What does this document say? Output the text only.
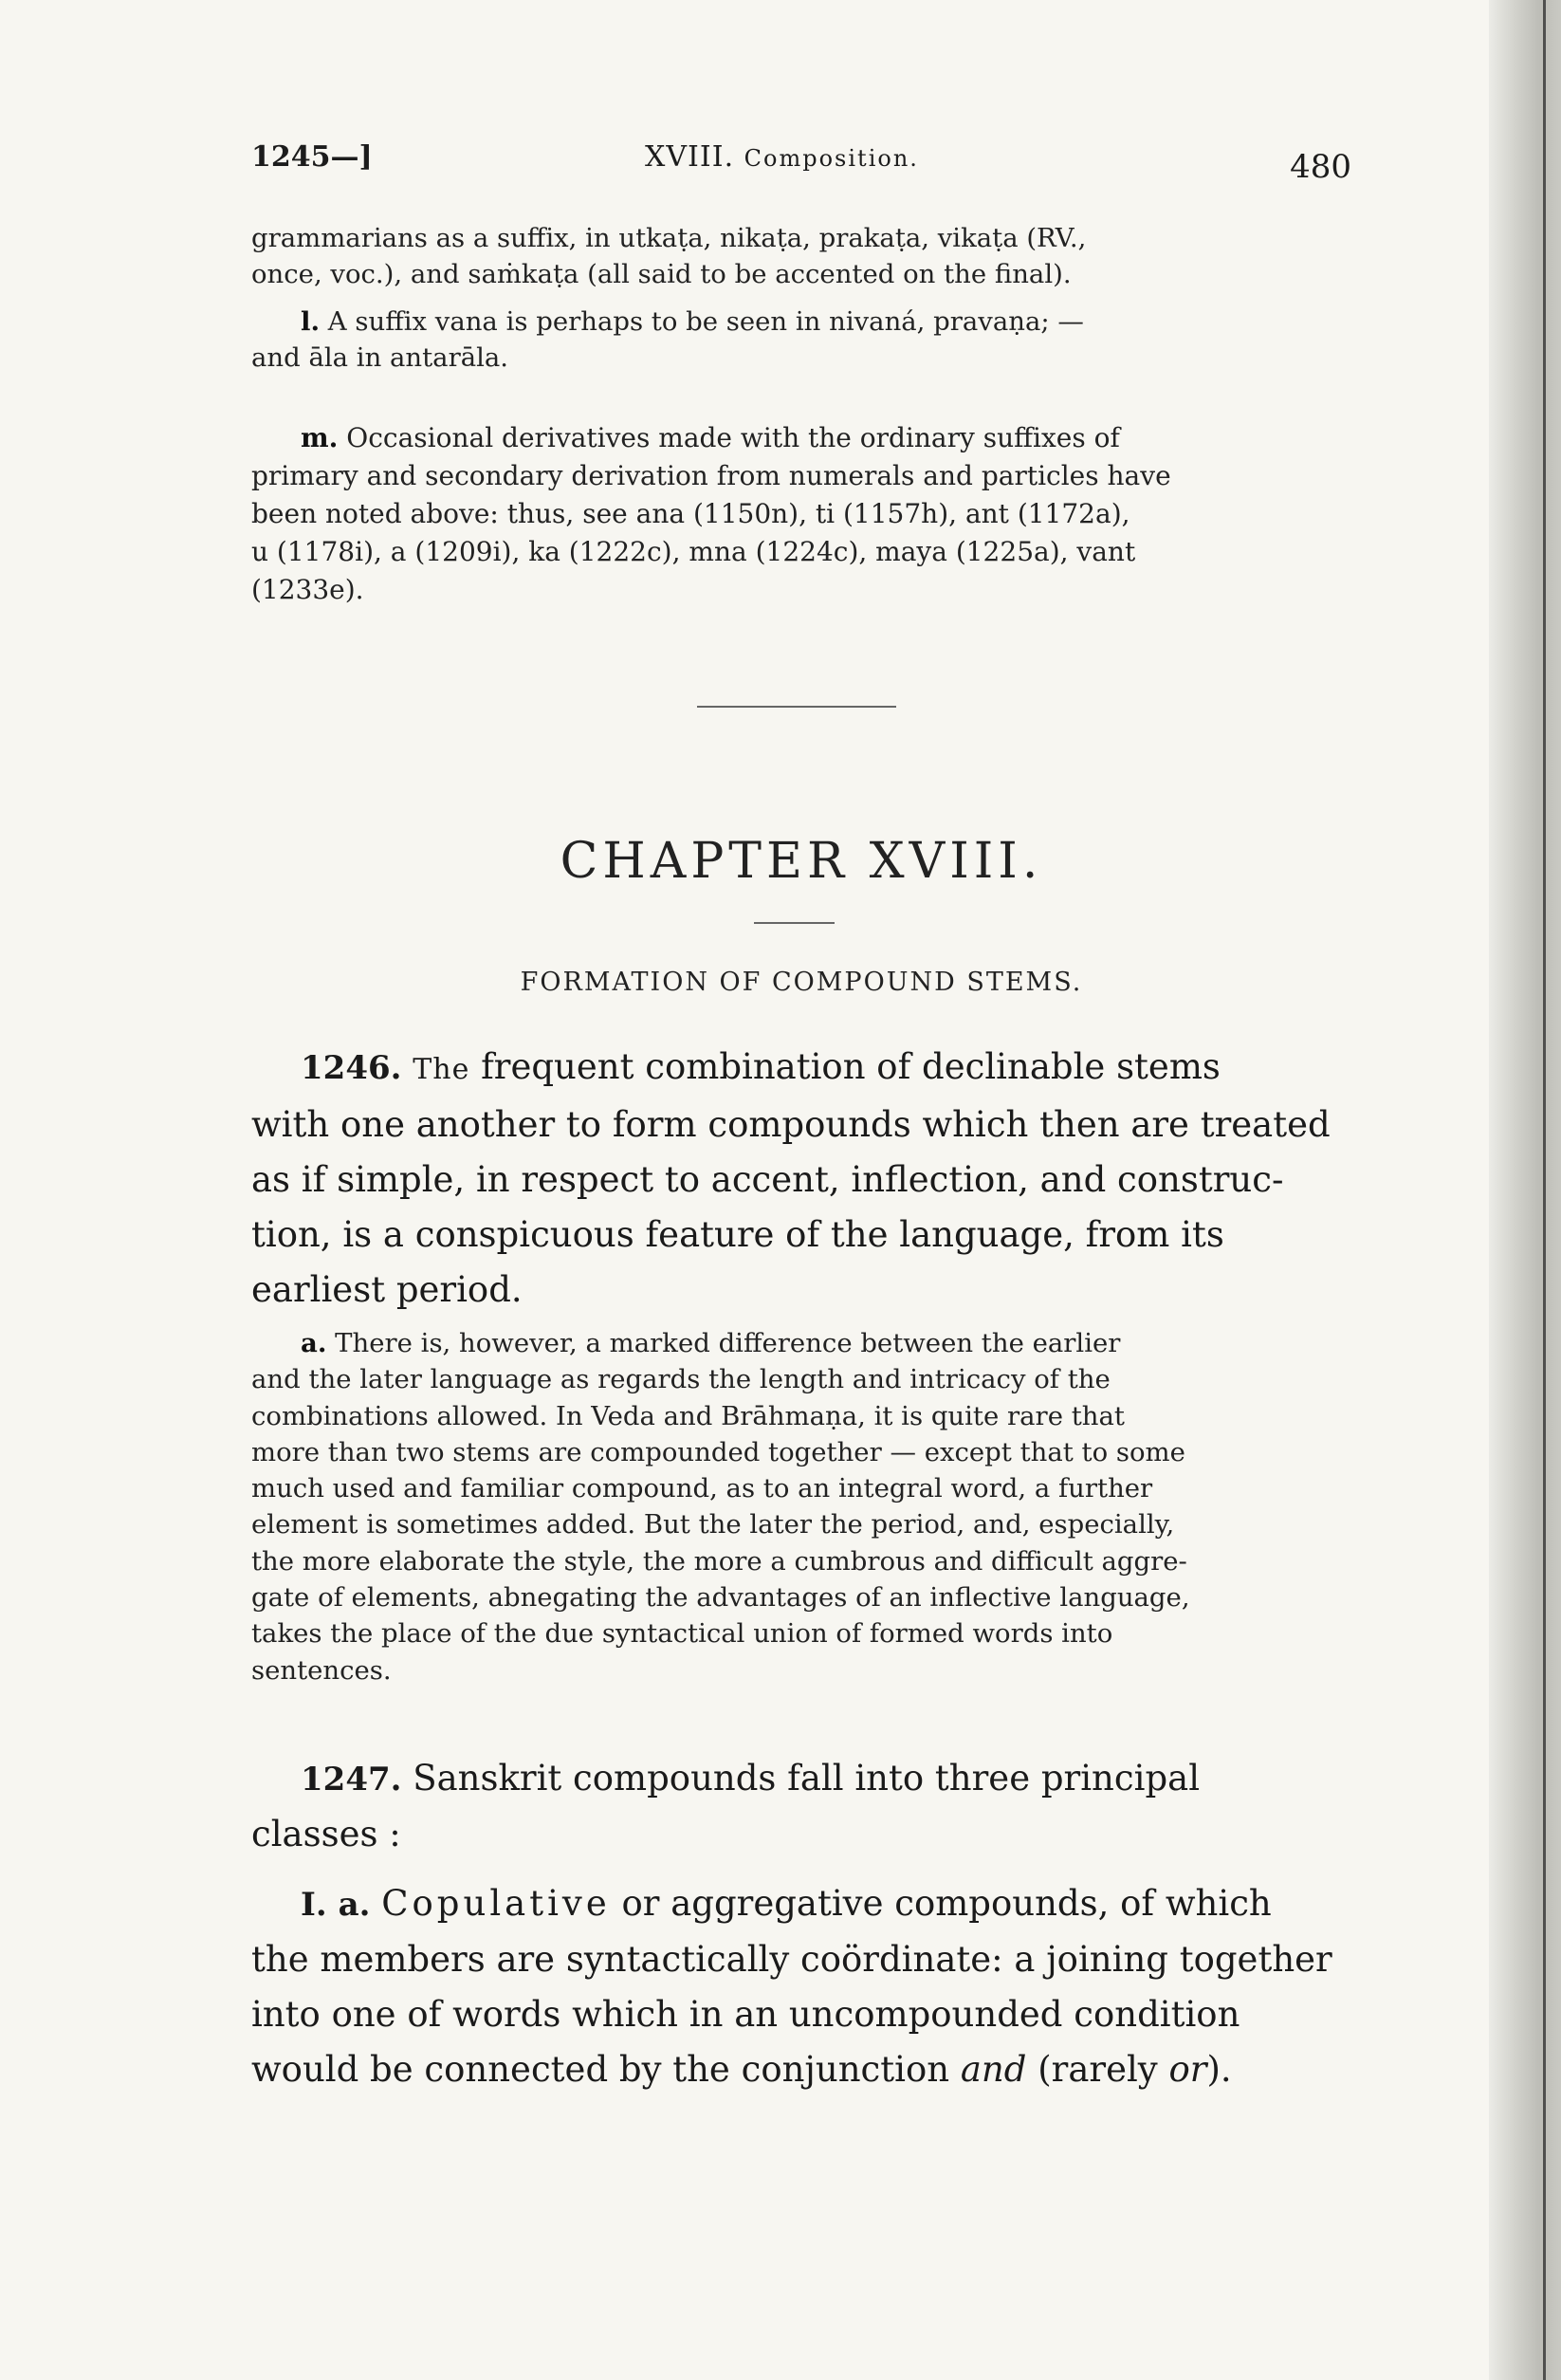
1245—]	XVIII. Composition.	480
grammarians as a suffix, in utkaṭa, nikaṭa, prakaṭa, vikaṭa (RV.,
once, voc.), and saṁkaṭa (all said to be accented on the final).
l. A suffix vana is perhaps to be seen in nivaná, pravaṇa; —
and āla in antarāla.
m. Occasional derivatives made with the ordinary suffixes of
primary and secondary derivation from numerals and particles have
been noted above: thus, see ana (1150n), ti (1157h), ant (1172a),
u (1178i), a (1209i), ka (1222c), mna (1224c), maya (1225a), vant
(1233e).
CHAPTER XVIII.
FORMATION OF COMPOUND STEMS.
1246. The frequent combination of declinable stems
with one another to form compounds which then are treated
as if simple, in respect to accent, inflection, and construc-
tion, is a conspicuous feature of the language, from its
earliest period.
a. There is, however, a marked difference between the earlier
and the later language as regards the length and intricacy of the
combinations allowed. In Veda and Brāhmaṇa, it is quite rare that
more than two stems are compounded together — except that to some
much used and familiar compound, as to an integral word, a further
element is sometimes added. But the later the period, and, especially,
the more elaborate the style, the more a cumbrous and difficult aggre-
gate of elements, abnegating the advantages of an inflective language,
takes the place of the due syntactical union of formed words into
sentences.
1247. Sanskrit compounds fall into three principal
classes :
I. a. Copulative or aggregative compounds, of which
the members are syntactically coördinate: a joining together
into one of words which in an uncompounded condition
would be connected by the conjunction and (rarely or).
